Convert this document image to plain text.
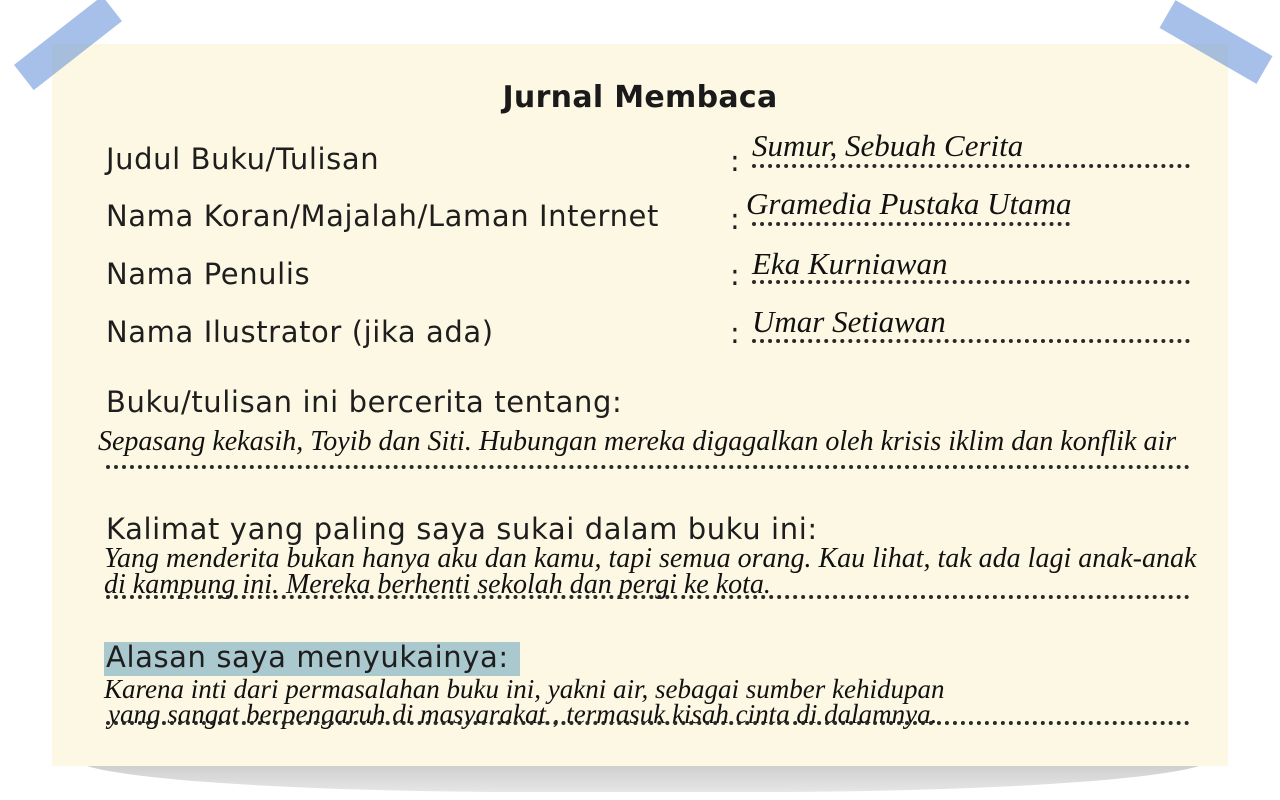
Jurnal Membaca
Judul Buku/Tulisan	: Sumur, Sebuah Cerita
Nama Koran/Majalah/Laman Internet : Gramedia Pustaka Utama
Nama Penulis	: Eka Kurniawan
Nama Ilustrator (jika ada)	: Umar Setiawan
Buku/tulisan ini bercerita tentang:
Sepasang kekasih, Toyib dan Siti. Hubungan mereka digagalkan oleh krisis iklim dan konflik air
Kalimat yang paling saya sukai dalam buku ini:
Yang menderita bukan hanya aku dan kamu, tapi semua orang. Kau lihat, tak ada lagi anak-anak
di kampung ini. Mereka berhenti sekolah dan pergi ke kota.
Alasan saya menyukainya:
Karena inti dari permasalahan buku ini, yakni air, sebagai sumber kehidupan
yang sangat berpengaruh di masyarakat , termasuk kisah cinta di dalamnya.
